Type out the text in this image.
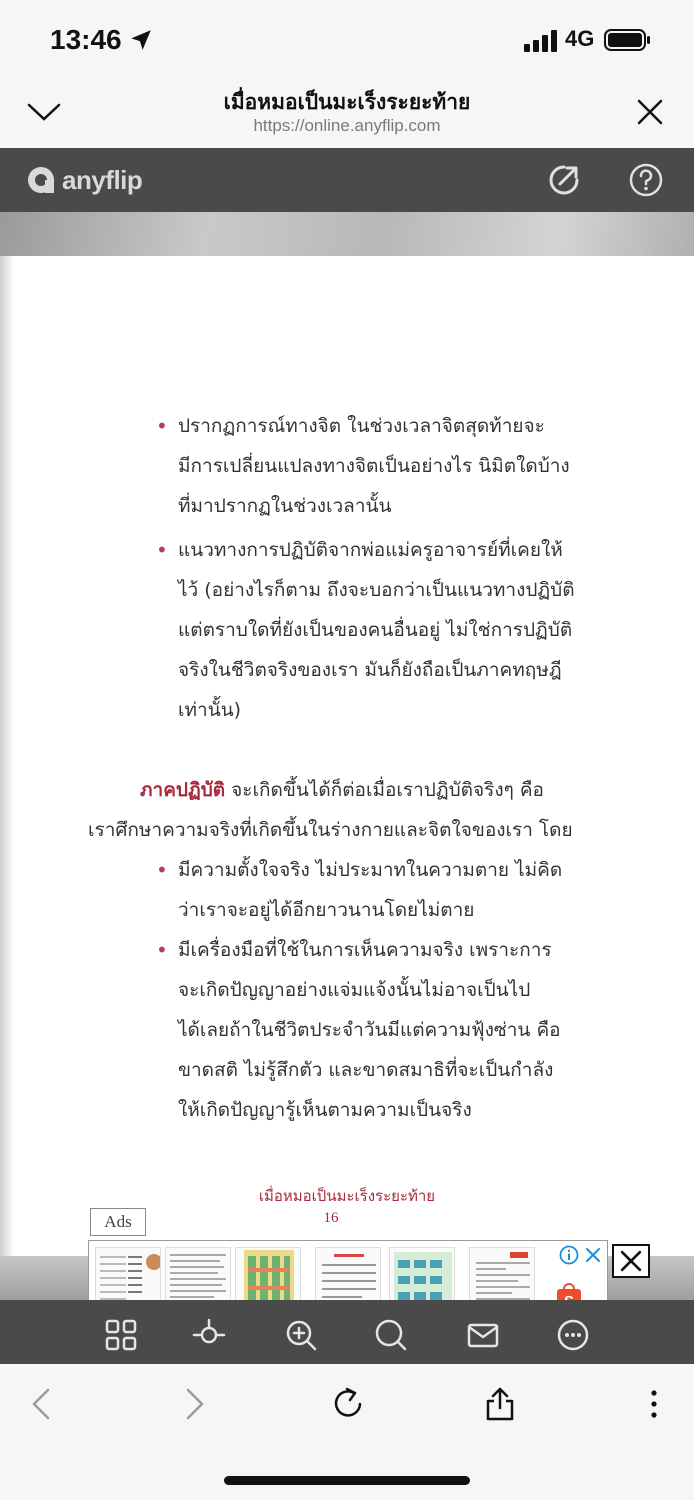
13:46	4G
เมื่อหมอเป็นมะเร็งระยะท้าย
https://online.anyflip.com
anyflip
• ปรากฏการณ์ทางจิต ในช่วงเวลาจิตสุดท้ายจะ
มีการเปลี่ยนแปลงทางจิตเป็นอย่างไร นิมิตใดบ้าง
ที่มาปรากฏในช่วงเวลานั้น
• แนวทางการปฏิบัติจากพ่อแม่ครูอาจารย์ที่เคยให้
ไว้ (อย่างไรก็ตาม ถึงจะบอกว่าเป็นแนวทางปฏิบัติ
แต่ตราบใดที่ยังเป็นของคนอื่นอยู่ ไม่ใช่การปฏิบัติ
จริงในชีวิตจริงของเรา มันก็ยังถือเป็นภาคทฤษฎี
เท่านั้น)
ภาคปฏิบัติ จะเกิดขึ้นได้ก็ต่อเมื่อเราปฏิบัติจริงๆ คือ
เราศึกษาความจริงที่เกิดขึ้นในร่างกายและจิตใจของเรา โดย
• มีความตั้งใจจริง ไม่ประมาทในความตาย ไม่คิด
ว่าเราจะอยู่ได้อีกยาวนานโดยไม่ตาย
• มีเครื่องมือที่ใช้ในการเห็นความจริง เพราะการ
จะเกิดปัญญาอย่างแจ่มแจ้งนั้นไม่อาจเป็นไป
ได้เลยถ้าในชีวิตประจำวันมีแต่ความฟุ้งซ่าน คือ
ขาดสติ ไม่รู้สึกตัว และขาดสมาธิที่จะเป็นกำลัง
ให้เกิดปัญญารู้เห็นตามความเป็นจริง
เมื่อหมอเป็นมะเร็งระยะท้าย
16
Ads
